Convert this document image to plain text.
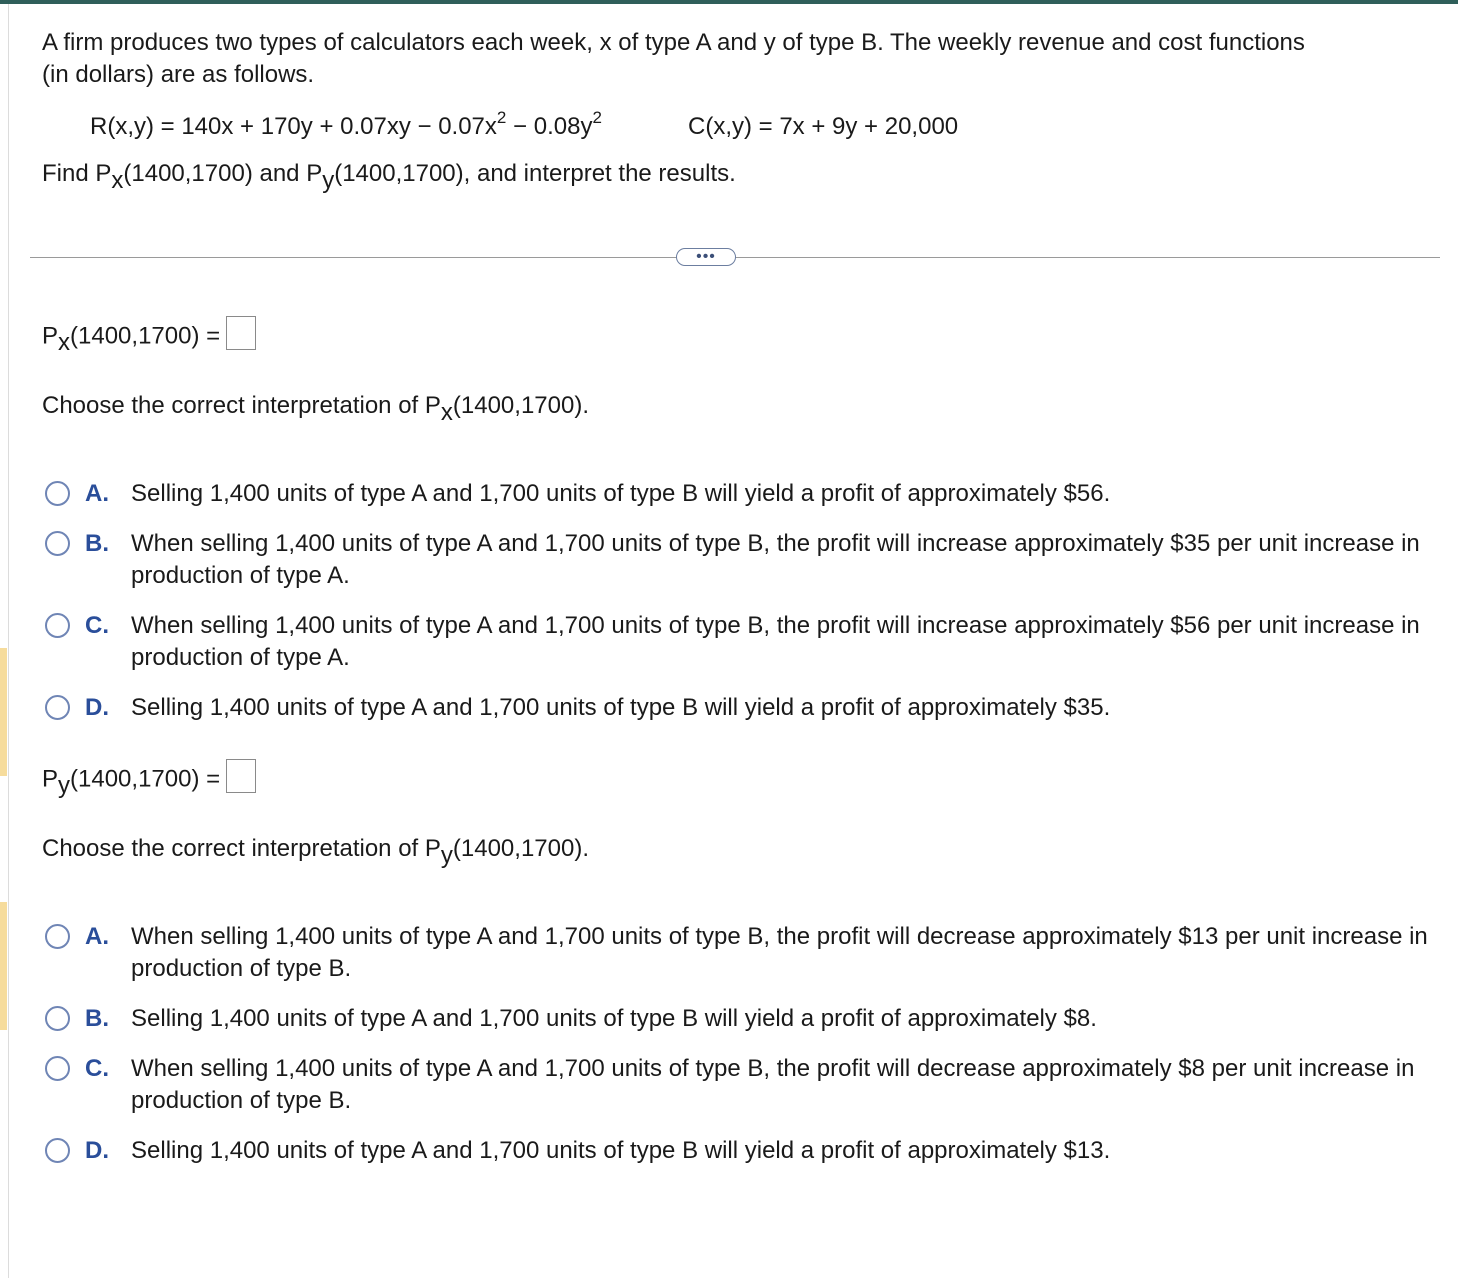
A firm produces two types of calculators each week, x of type A and y of type B. The weekly revenue and cost functions
(in dollars) are as follows.
$R(x,y) = 140x + 170y + 0.07xy - 0.07x^2 - 0.08y^2$	C(x,y) = 7x + 9y + 20,000
Find Px(1400,1700) and Py(1400,1700), and interpret the results.
•••
Px(1400,1700) =
Choose the correct interpretation of Px(1400,1700).
A. Selling 1,400 units of type A and 1,700 units of type B will yield a profit of approximately $56.
B. When selling 1,400 units of type A and 1,700 units of type B, the profit will increase approximately $35 per unit increase in production of type A.
C. When selling 1,400 units of type A and 1,700 units of type B, the profit will increase approximately $56 per unit increase in production of type A.
D. Selling 1,400 units of type A and 1,700 units of type B will yield a profit of approximately $35.
Py(1400,1700) =
Choose the correct interpretation of Py(1400,1700).
A. When selling 1,400 units of type A and 1,700 units of type B, the profit will decrease approximately $13 per unit increase in production of type B.
B. Selling 1,400 units of type A and 1,700 units of type B will yield a profit of approximately $8.
C. When selling 1,400 units of type A and 1,700 units of type B, the profit will decrease approximately $8 per unit increase in production of type B.
D. Selling 1,400 units of type A and 1,700 units of type B will yield a profit of approximately $13.
